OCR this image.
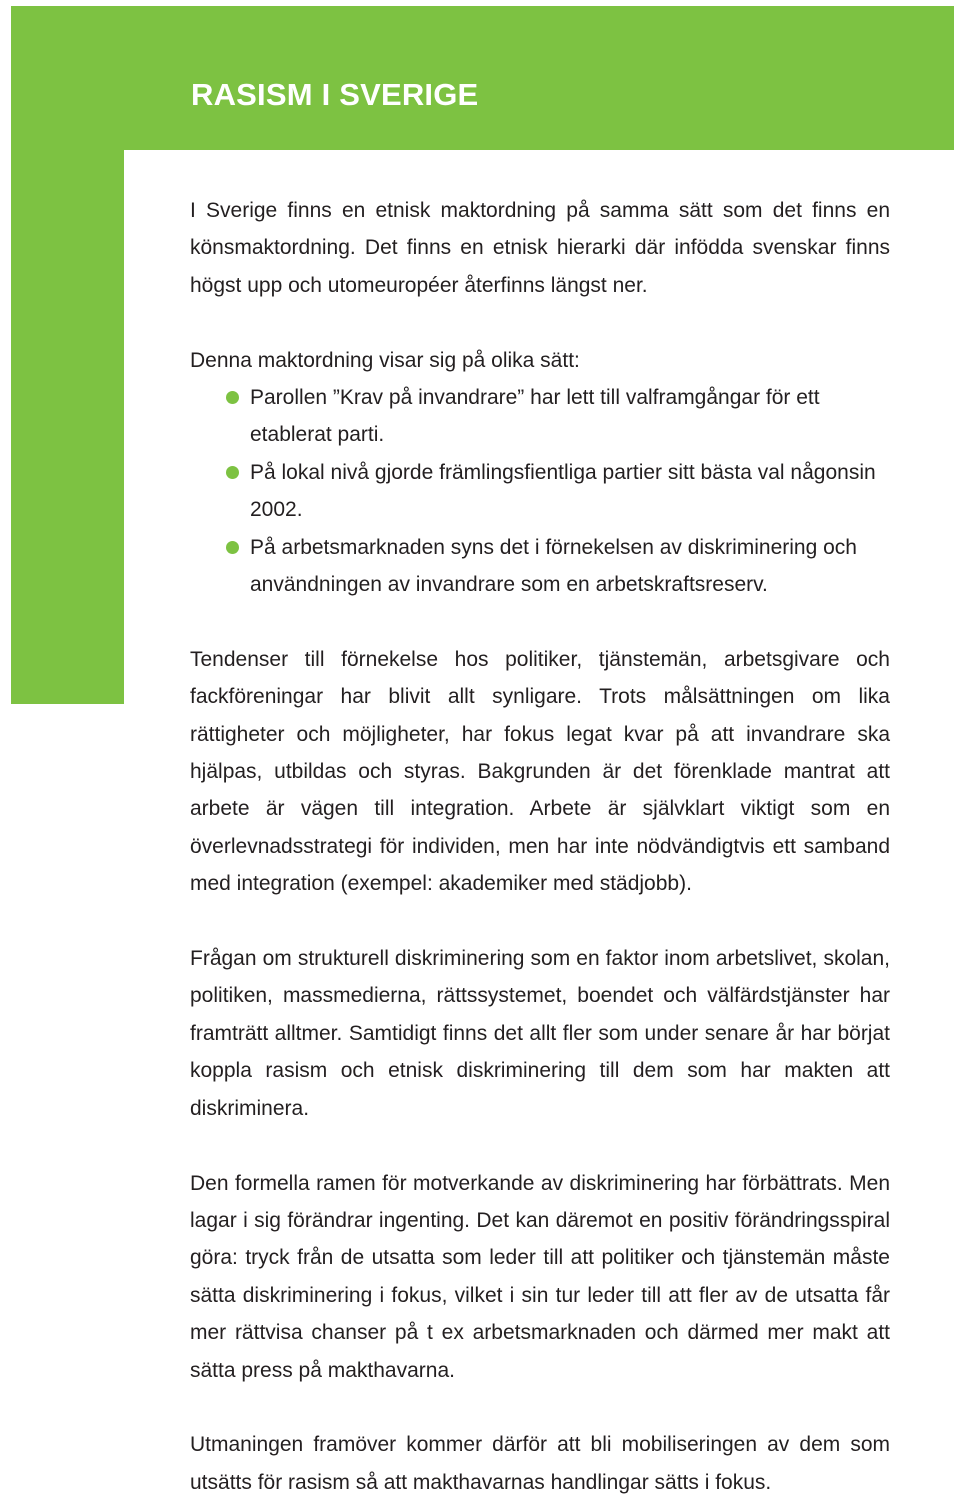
RASISM I SVERIGE

I Sverige finns en etnisk maktordning på samma sätt som det finns en könsmaktordning. Det finns en etnisk hierarki där infödda svenskar finns högst upp och utomeuropéer återfinns längst ner.

Denna maktordning visar sig på olika sätt:

Parollen ”Krav på invandrare” har lett till valframgångar för ett etablerat parti.
På lokal nivå gjorde främlingsfientliga partier sitt bästa val någonsin 2002.
På arbetsmarknaden syns det i förnekelsen av diskriminering och användningen av invandrare som en arbetskraftsreserv.

Tendenser till förnekelse hos politiker, tjänstemän, arbetsgivare och fackföreningar har blivit allt synligare. Trots målsättningen om lika rättigheter och möjligheter, har fokus legat kvar på att invandrare ska hjälpas, utbildas och styras. Bakgrunden är det förenklade mantrat att arbete är vägen till integration. Arbete är självklart viktigt som en överlevnadsstrategi för individen, men har inte nödvändigtvis ett samband med integration (exempel: akademiker med städjobb).

Frågan om strukturell diskriminering som en faktor inom arbetslivet, skolan, politiken, massmedierna, rättssystemet, boendet och välfärdstjänster har framträtt alltmer. Samtidigt finns det allt fler som under senare år har börjat koppla rasism och etnisk diskriminering till dem som har makten att diskriminera.

Den formella ramen för motverkande av diskriminering har förbättrats. Men lagar i sig förändrar ingenting. Det kan däremot en positiv förändringsspiral göra: tryck från de utsatta som leder till att politiker och tjänstemän måste sätta diskriminering i fokus, vilket i sin tur leder till att fler av de utsatta får mer rättvisa chanser på t ex arbetsmarknaden och därmed mer makt att sätta press på makthavarna.

Utmaningen framöver kommer därför att bli mobiliseringen av dem som utsätts för rasism så att makthavarnas handlingar sätts i fokus.
